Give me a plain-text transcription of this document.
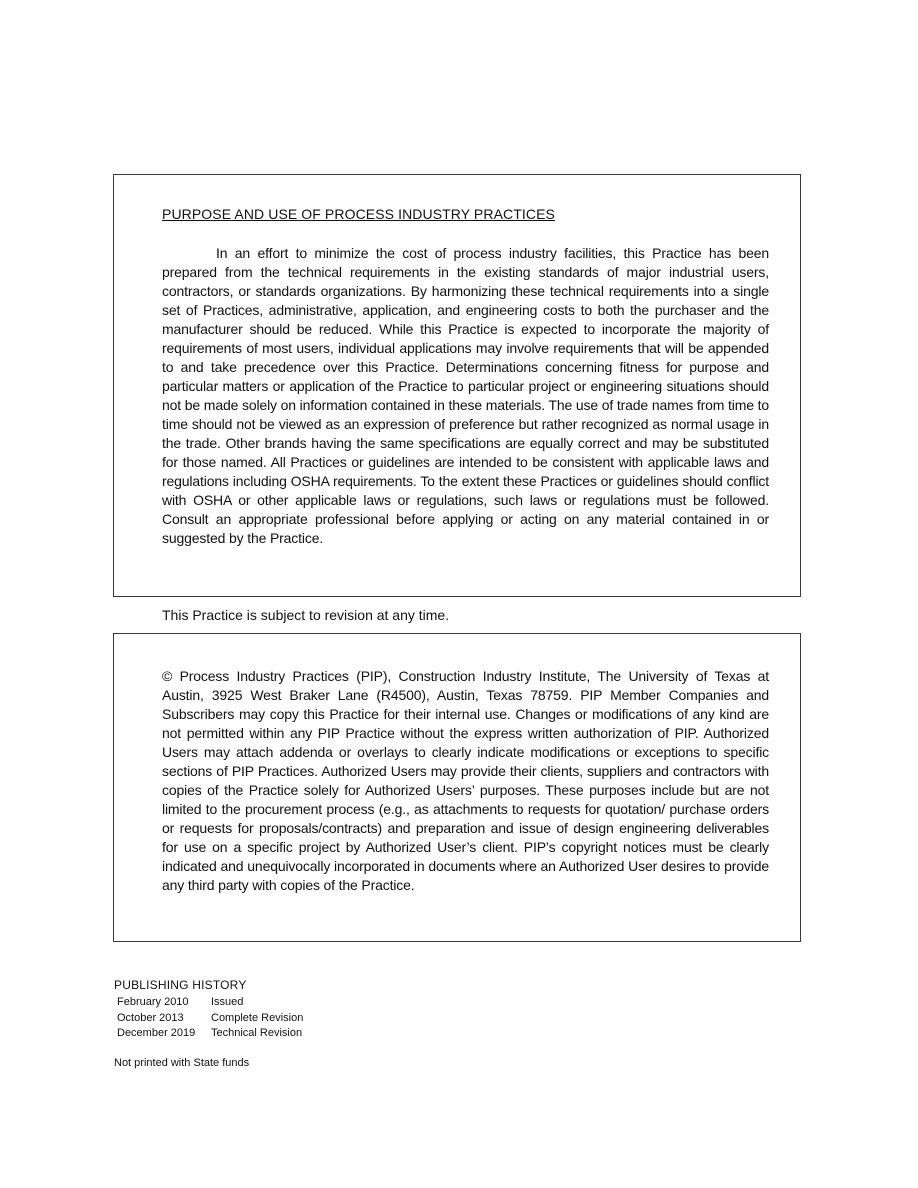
PURPOSE AND USE OF PROCESS INDUSTRY PRACTICES

In an effort to minimize the cost of process industry facilities, this Practice has been prepared from the technical requirements in the existing standards of major industrial users, contractors, or standards organizations. By harmonizing these technical requirements into a single set of Practices, administrative, application, and engineering costs to both the purchaser and the manufacturer should be reduced. While this Practice is expected to incorporate the majority of requirements of most users, individual applications may involve requirements that will be appended to and take precedence over this Practice. Determinations concerning fitness for purpose and particular matters or application of the Practice to particular project or engineering situations should not be made solely on information contained in these materials. The use of trade names from time to time should not be viewed as an expression of preference but rather recognized as normal usage in the trade. Other brands having the same specifications are equally correct and may be substituted for those named. All Practices or guidelines are intended to be consistent with applicable laws and regulations including OSHA requirements. To the extent these Practices or guidelines should conflict with OSHA or other applicable laws or regulations, such laws or regulations must be followed. Consult an appropriate professional before applying or acting on any material contained in or suggested by the Practice.

This Practice is subject to revision at any time.

© Process Industry Practices (PIP), Construction Industry Institute, The University of Texas at Austin, 3925 West Braker Lane (R4500), Austin, Texas 78759. PIP Member Companies and Subscribers may copy this Practice for their internal use. Changes or modifications of any kind are not permitted within any PIP Practice without the express written authorization of PIP. Authorized Users may attach addenda or overlays to clearly indicate modifications or exceptions to specific sections of PIP Practices. Authorized Users may provide their clients, suppliers and contractors with copies of the Practice solely for Authorized Users’ purposes. These purposes include but are not limited to the procurement process (e.g., as attachments to requests for quotation/ purchase orders or requests for proposals/contracts) and preparation and issue of design engineering deliverables for use on a specific project by Authorized User’s client. PIP’s copyright notices must be clearly indicated and unequivocally incorporated in documents where an Authorized User desires to provide any third party with copies of the Practice.

PUBLISHING HISTORY

February 2010	Issued
October 2013	Complete Revision
December 2019	Technical Revision

Not printed with State funds
